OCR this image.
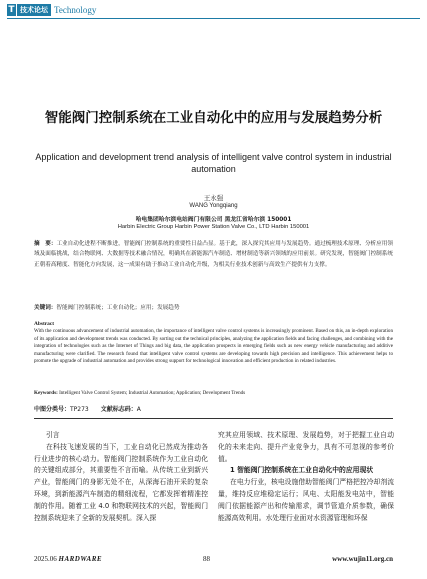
T 技术论坛 Technology
智能阀门控制系统在工业自动化中的应用与发展趋势分析
Application and development trend analysis of intelligent valve control system in industrial automation
王永强
WANG Yongqiang
哈电集团哈尔滨电站阀门有限公司 黑龙江省哈尔滨 150001
Harbin Electric Group Harbin Power Station Valve Co., LTD Harbin 150001
摘　要：工业自动化进程不断推进，智能阀门控制系统的重要性日益凸显。基于此，深入探究其应用与发展趋势。通过梳理技术原理、分析应用领域及面临挑战，结合物联网、大数据等技术融合情况，明确其在新能源汽车制造、增材制造等新兴领域的应用前景。研究发现，智能阀门控制系统正朝着高精度、智能化方向发展，这一成果有助于推动工业自动化升级，为相关行业技术创新与高效生产提供有力支撑。
关键词：智能阀门控制系统；工业自动化；应用；发展趋势
Abstract
With the continuous advancement of industrial automation, the importance of intelligent valve control systems is increasingly prominent. Based on this, an in-depth exploration of its application and development trends was conducted. By sorting out the technical principles, analyzing the application fields and facing challenges, and combining with the integration of technologies such as the Internet of Things and big data, the application prospects in emerging fields such as new energy vehicle manufacturing and additive manufacturing were clarified. The research found that intelligent valve control systems are developing towards high precision and intelligence. This achievement helps to promote the upgrade of industrial automation and provides strong support for technological innovation and efficient production in related industries.
Keywords: Intelligent Valve Control System; Industrial Automation; Application; Development Trends
中图分类号：TP273 文献标志码：A
引言
在科技飞速发展的当下，工业自动化已然成为推动各行业进步的核心动力。智能阀门控制系统作为工业自动化的关键组成部分，其重要性不言而喻。从传统工业到新兴产业，智能阀门的身影无处不在，从深海石油开采的复杂环境，到新能源汽车制造的精细流程，它都发挥着精准控制的作用。随着工业 4.0 和物联网技术的兴起，智能阀门控制系统迎来了全新的发展契机。深入探
究其应用领域、技术原理、发展趋势，对于把握工业自动化的未来走向、提升产业竞争力，具有不可忽视的参考价值。
1 智能阀门控制系统在工业自动化中的应用现状
在电力行业，核电设施借助智能阀门严格把控冷却剂流量，维持反应堆稳定运行；风电、太阳能发电站中，智能阀门依据能源产出和传输需求，调节管道介质参数，确保能源高效利用。水处理行业面对水资源管理和环保
2025.06 HARDWARE	88	www.wujin11.org.cn
